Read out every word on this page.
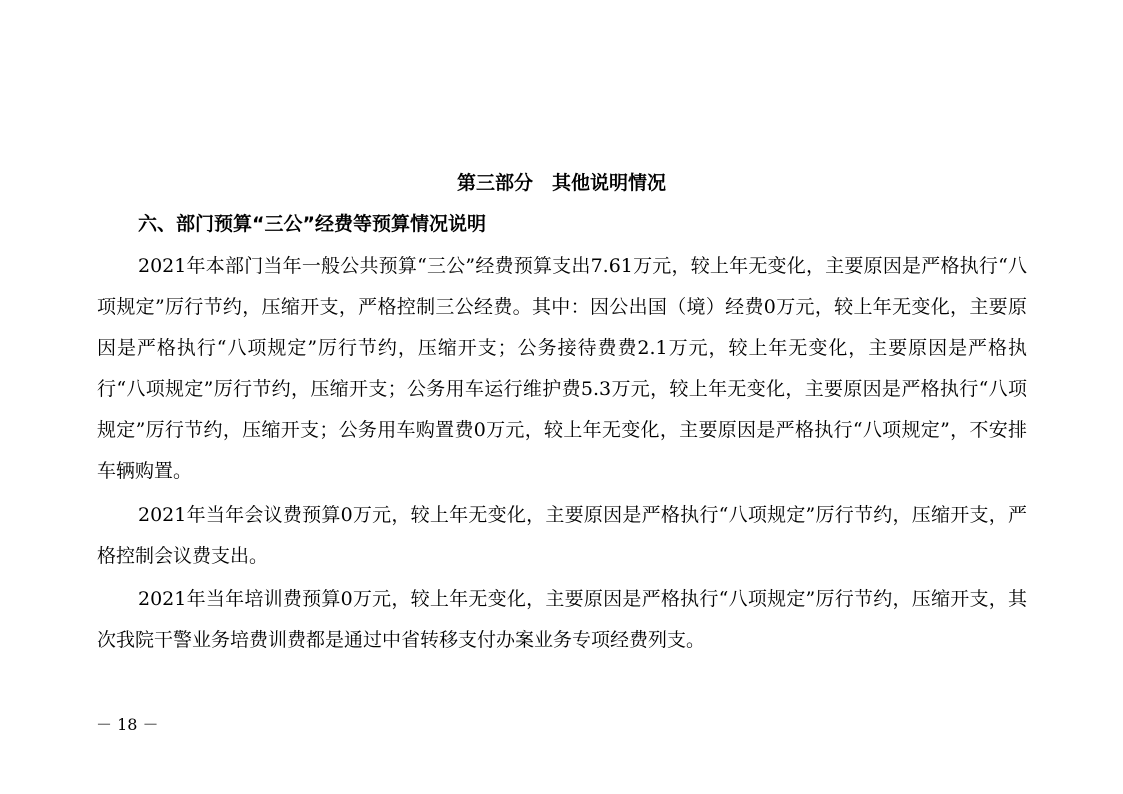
第三部分　其他说明情况
六、部门预算“三公”经费等预算情况说明

2021年本部门当年一般公共预算“三公”经费预算支出7.61万元，较上年无变化，主要原因是严格执行“八项规定”厉行节约，压缩开支，严格控制三公经费。其中：因公出国（境）经费0万元，较上年无变化，主要原因是严格执行“八项规定”厉行节约，压缩开支；公务接待费费2.1万元，较上年无变化，主要原因是严格执行“八项规定”厉行节约，压缩开支；公务用车运行维护费5.3万元，较上年无变化，主要原因是严格执行“八项规定”厉行节约，压缩开支；公务用车购置费0万元，较上年无变化，主要原因是严格执行“八项规定”，不安排车辆购置。

2021年当年会议费预算0万元，较上年无变化，主要原因是严格执行“八项规定”厉行节约，压缩开支，严格控制会议费支出。

2021年当年培训费预算0万元，较上年无变化，主要原因是严格执行“八项规定”厉行节约，压缩开支，其次我院干警业务培费训费都是通过中省转移支付办案业务专项经费列支。

－ 18 －
